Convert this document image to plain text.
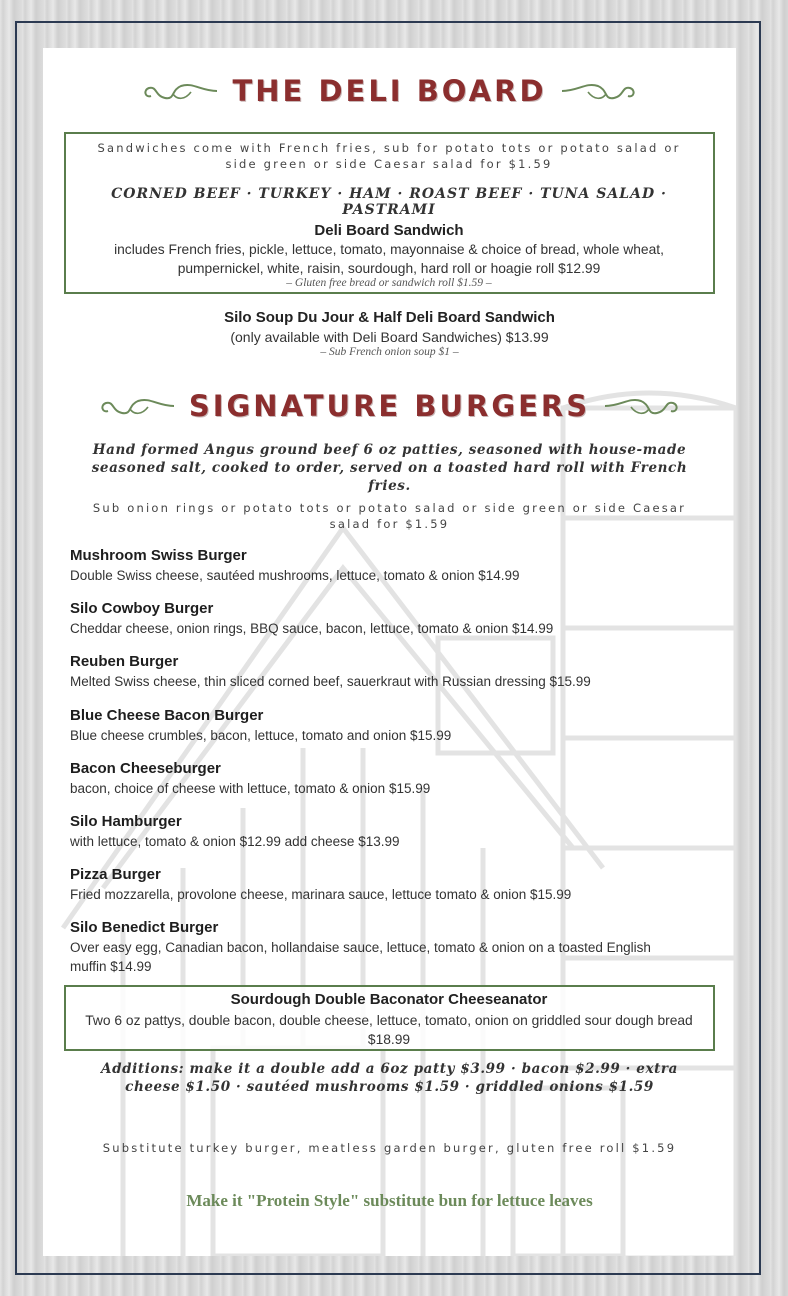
THE DELI BOARD
Sandwiches come with French fries, sub for potato tots or potato salad or side green or side Caesar salad for $1.59
CORNED BEEF · TURKEY · HAM · ROAST BEEF · TUNA SALAD · PASTRAMI
Deli Board Sandwich
includes French fries, pickle, lettuce, tomato, mayonnaise & choice of bread, whole wheat, pumpernickel, white, raisin, sourdough, hard roll or hoagie roll $12.99
– Gluten free bread or sandwich roll $1.59 –
Silo Soup Du Jour & Half Deli Board Sandwich
(only available with Deli Board Sandwiches) $13.99
– Sub French onion soup $1 –
SIGNATURE BURGERS
Hand formed Angus ground beef 6 oz patties, seasoned with house-made seasoned salt, cooked to order, served on a toasted hard roll with French fries.
Sub onion rings or potato tots or potato salad or side green or side Caesar salad for $1.59
Mushroom Swiss Burger
Double Swiss cheese, sautéed mushrooms, lettuce, tomato & onion $14.99
Silo Cowboy Burger
Cheddar cheese, onion rings, BBQ sauce, bacon, lettuce, tomato & onion $14.99
Reuben Burger
Melted Swiss cheese, thin sliced corned beef, sauerkraut with Russian dressing $15.99
Blue Cheese Bacon Burger
Blue cheese crumbles, bacon, lettuce, tomato and onion $15.99
Bacon Cheeseburger
bacon, choice of cheese with lettuce, tomato & onion $15.99
Silo Hamburger
with lettuce, tomato & onion $12.99 add cheese $13.99
Pizza Burger
Fried mozzarella, provolone cheese, marinara sauce, lettuce tomato & onion $15.99
Silo Benedict Burger
Over easy egg, Canadian bacon, hollandaise sauce, lettuce, tomato & onion on a toasted English muffin $14.99
Sourdough Double Baconator Cheeseanator
Two 6 oz pattys, double bacon, double cheese, lettuce, tomato, onion on griddled sour dough bread $18.99
Additions: make it a double add a 6oz patty $3.99 · bacon $2.99 · extra cheese $1.50 · sautéed mushrooms $1.59 · griddled onions $1.59
Substitute turkey burger, meatless garden burger, gluten free roll $1.59
Make it "Protein Style" substitute bun for lettuce leaves
